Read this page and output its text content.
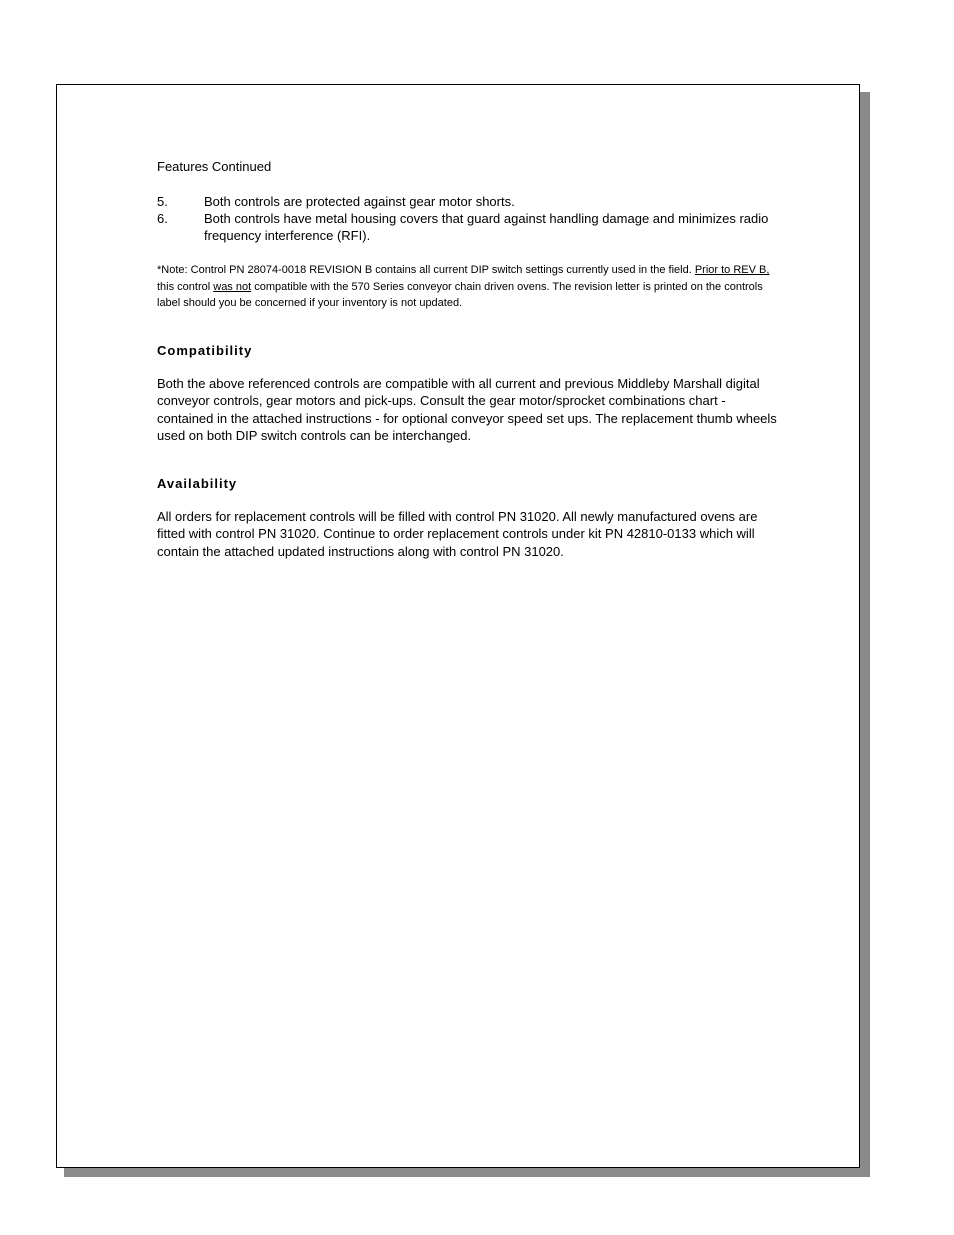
Features Continued

5.	Both controls are protected against gear motor shorts.
6.	Both controls have metal housing covers that guard against handling damage and minimizes radio frequency interference (RFI).

*Note: Control PN 28074-0018 REVISION B contains all current DIP switch settings currently used in the field. Prior to REV B, this control was not compatible with the 570 Series conveyor chain driven ovens. The revision letter is printed on the controls label should you be concerned if your inventory is not updated.

Compatibility

Both the above referenced controls are compatible with all current and previous Middleby Marshall digital conveyor controls, gear motors and pick-ups. Consult the gear motor/sprocket combinations chart - contained in the attached instructions - for optional conveyor speed set ups. The replacement thumb wheels used on both DIP switch controls can be interchanged.

Availability

All orders for replacement controls will be filled with control PN 31020. All newly manufactured ovens are fitted with control PN 31020. Continue to order replacement controls under kit PN 42810-0133 which will contain the attached updated instructions along with control PN 31020.
